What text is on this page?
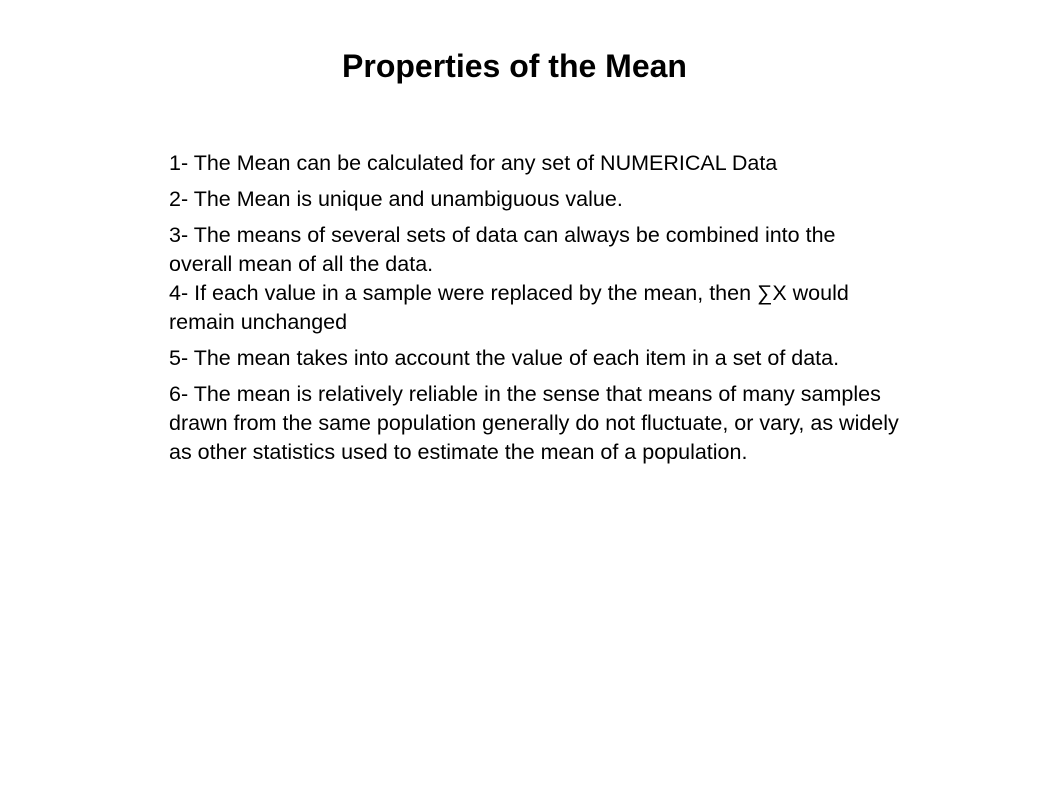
Properties of the Mean

1- The Mean can be calculated for any set of NUMERICAL Data

2- The Mean is unique and unambiguous value.

3- The means of several sets of data can always be combined into the overall mean of all the data.

4- If each value in a sample were replaced by the mean, then ∑X would remain unchanged

5- The mean takes into account the value of each item in a set of data.

6- The mean is relatively reliable in the sense that means of many samples drawn from the same population generally do not fluctuate, or vary, as widely as other statistics used to estimate the mean of a population.
